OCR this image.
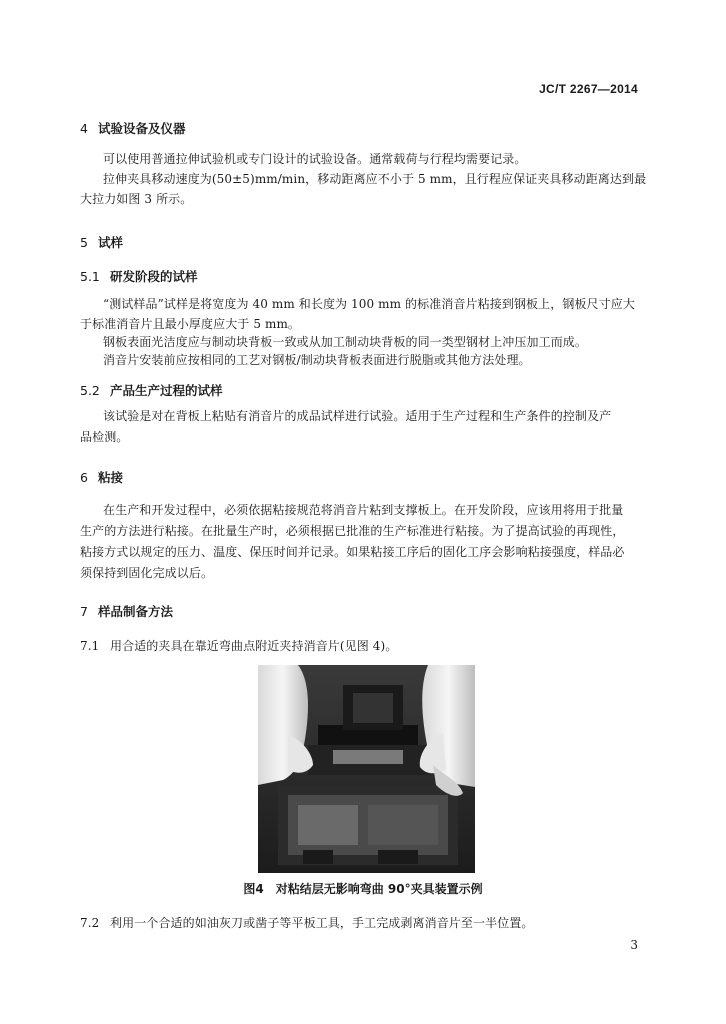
JC/T 2267—2014
4 试验设备及仪器
可以使用普通拉伸试验机或专门设计的试验设备。通常载荷与行程均需要记录。
拉伸夹具移动速度为(50±5)mm/min，移动距离应不小于 5 mm，且行程应保证夹具移动距离达到最
大拉力如图 3 所示。
5 试样
5.1 研发阶段的试样
“测试样品”试样是将宽度为 40 mm 和长度为 100 mm 的标准消音片粘接到钢板上，钢板尺寸应大
于标准消音片且最小厚度应大于 5 mm。
钢板表面光洁度应与制动块背板一致或从加工制动块背板的同一类型钢材上冲压加工而成。
消音片安装前应按相同的工艺对钢板/制动块背板表面进行脱脂或其他方法处理。
5.2 产品生产过程的试样
该试验是对在背板上粘贴有消音片的成品试样进行试验。适用于生产过程和生产条件的控制及产
品检测。
6 粘接
在生产和开发过程中，必须依据粘接规范将消音片粘到支撑板上。在开发阶段，应该用将用于批量
生产的方法进行粘接。在批量生产时，必须根据已批准的生产标准进行粘接。为了提高试验的再现性，
粘接方式以规定的压力、温度、保压时间并记录。如果粘接工序后的固化工序会影响粘接强度，样品必
须保持到固化完成以后。
7 样品制备方法
7.1 用合适的夹具在靠近弯曲点附近夹持消音片(见图 4)。
图4　对粘结层无影响弯曲 90°夹具装置示例
7.2 利用一个合适的如油灰刀或凿子等平板工具，手工完成剥离消音片至一半位置。
3
